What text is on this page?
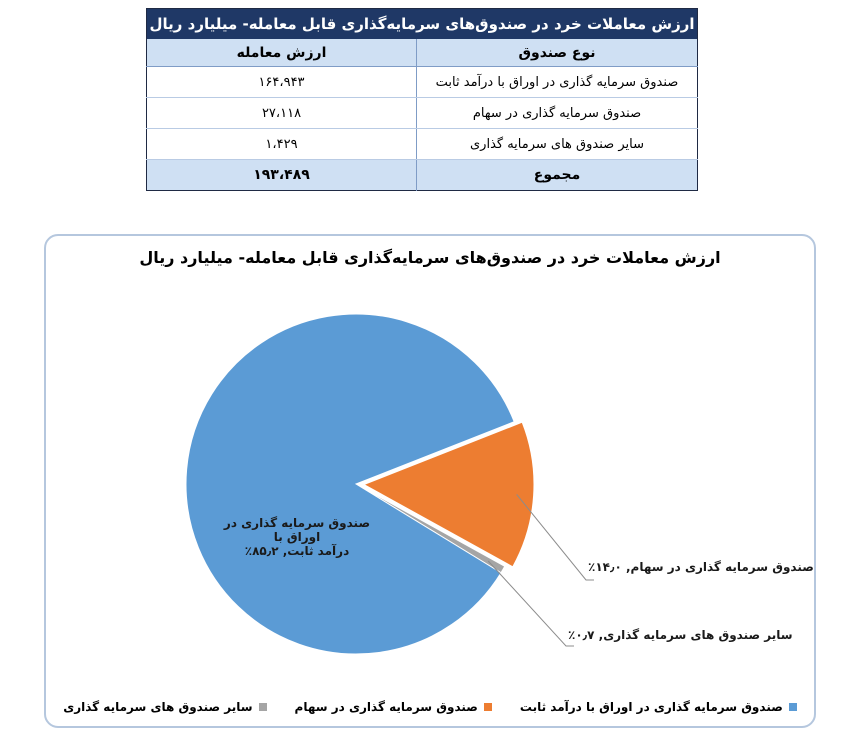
ارزش معاملات خرد در صندوق‌های سرمایه‌گذاری قابل معامله- میلیارد ریال	
نوع صندوق	ارزش معامله
صندوق سرمایه گذاری در اوراق با درآمد ثابت	۱۶۴،۹۴۳
صندوق سرمایه گذاری در سهام	۲۷،۱۱۸
سایر صندوق های سرمایه گذاری	۱،۴۲۹
مجموع	۱۹۳،۴۸۹
ارزش معاملات خرد در صندوق‌های سرمایه‌گذاری قابل معامله- میلیارد ریال
صندوق سرمایه گذاری در اوراق با
درآمد ثابت, ۸۵٫۲٪
صندوق سرمایه گذاری در سهام, ۱۴٫۰٪
سایر صندوق های سرمایه گذاری, ۰٫۷٪
صندوق سرمایه گذاری در اوراق با درآمد ثابت
صندوق سرمایه گذاری در سهام
سایر صندوق های سرمایه گذاری
